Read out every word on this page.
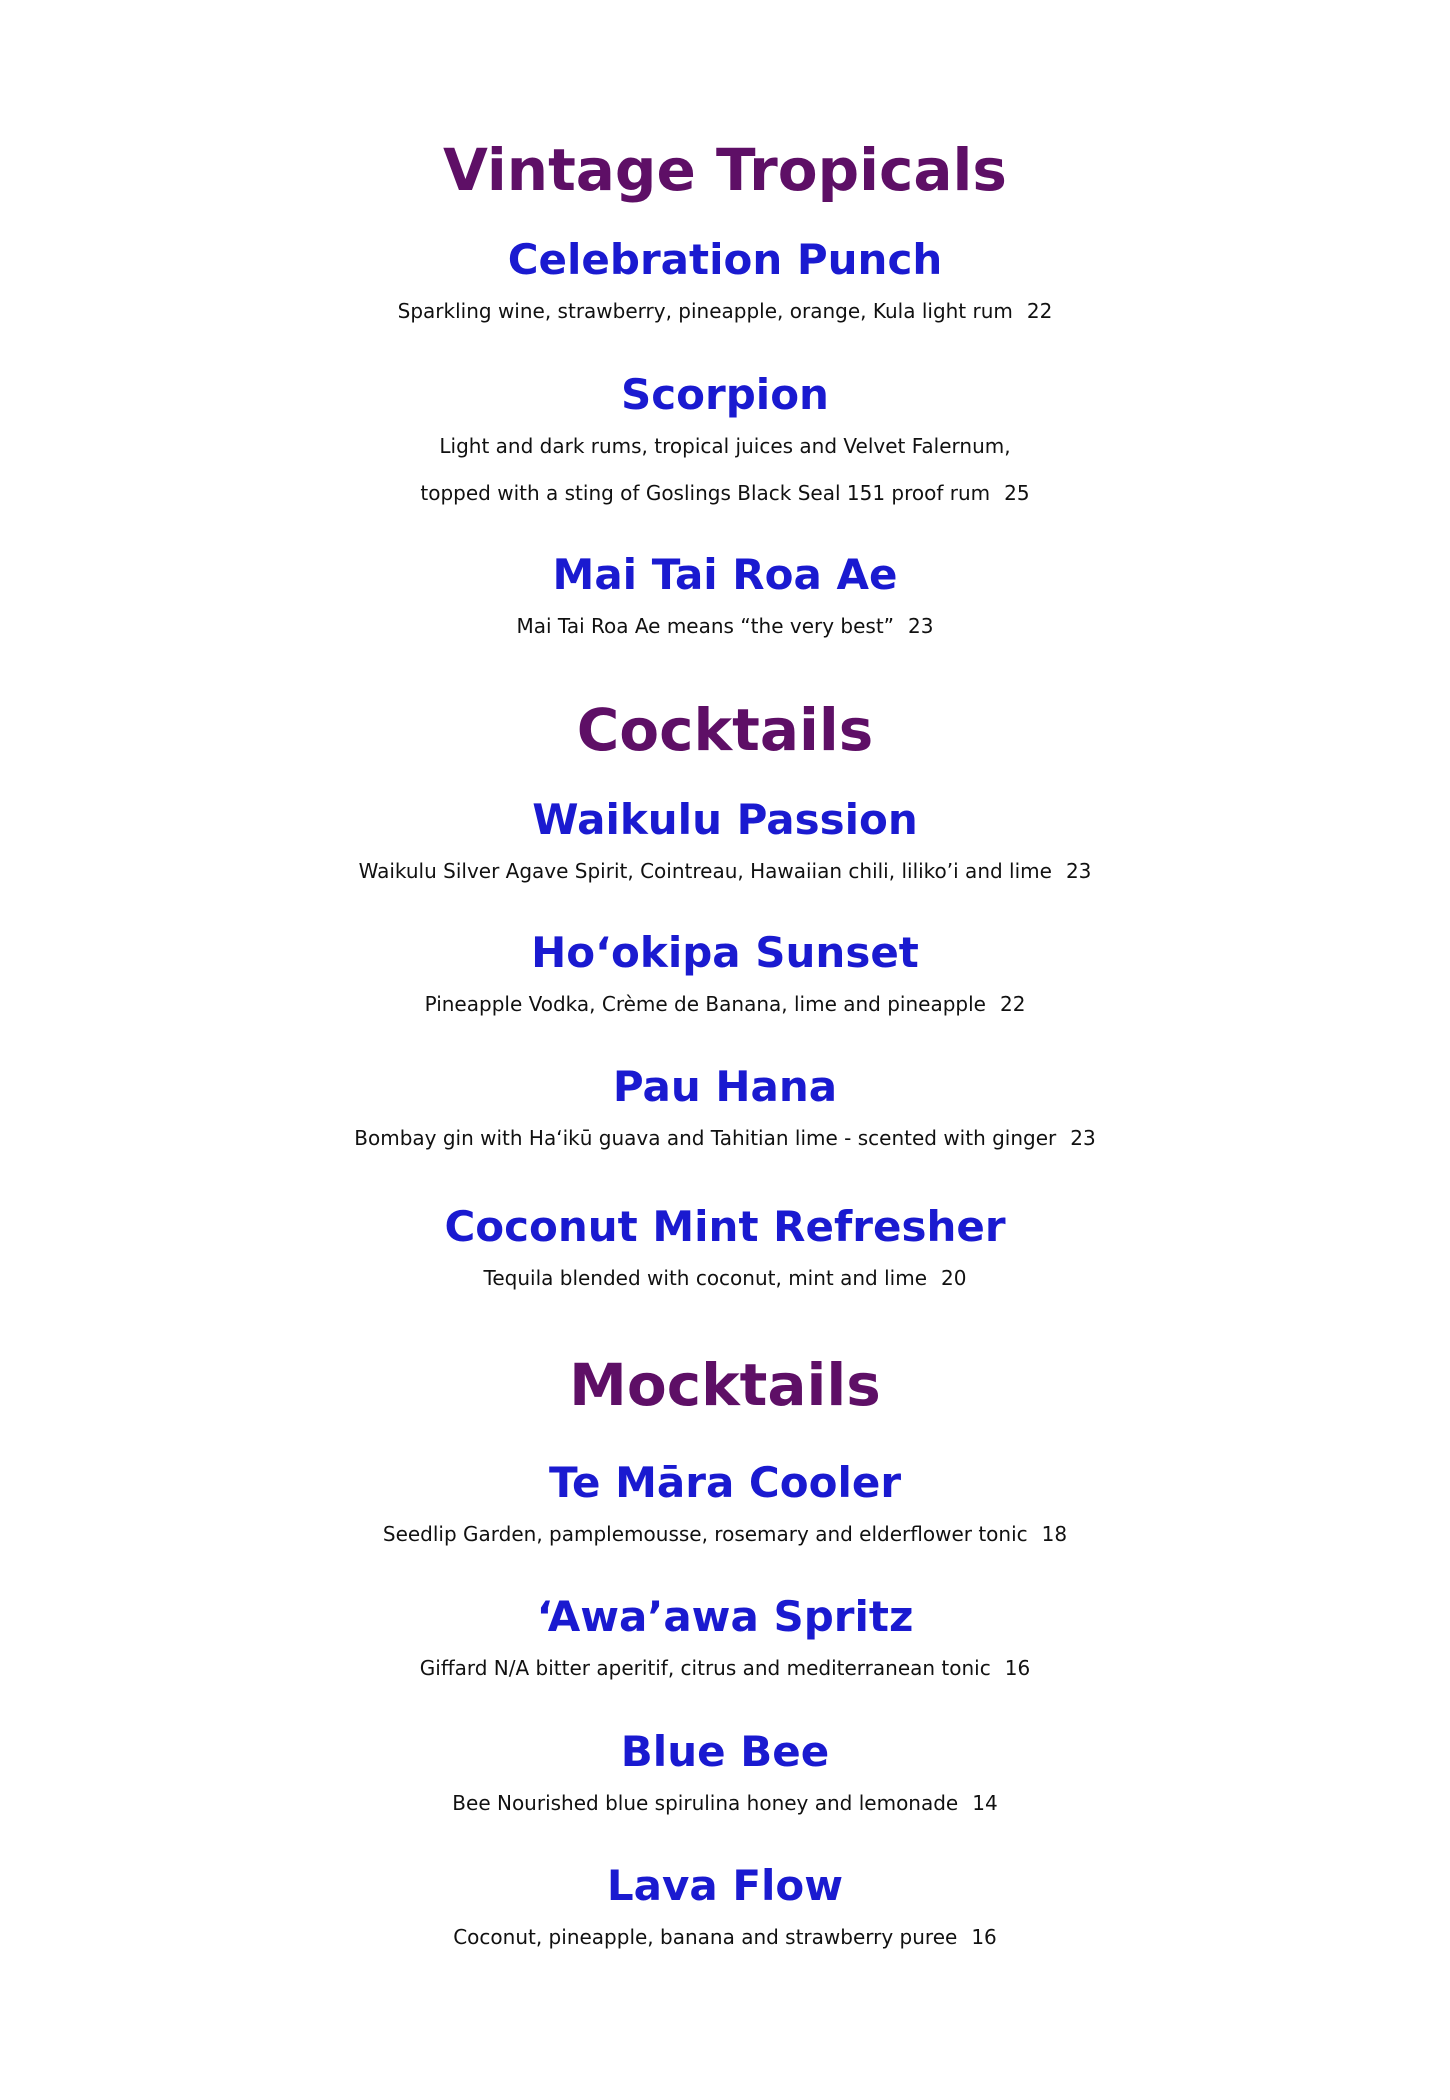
Vintage Tropicals
Celebration Punch

Sparkling wine, strawberry, pineapple, orange, Kula light rum 22

Scorpion

Light and dark rums, tropical juices and Velvet Falernum,

topped with a sting of Goslings Black Seal 151 proof rum 25

Mai Tai Roa Ae

Mai Tai Roa Ae means “the very best” 23

Cocktails
Waikulu Passion

Waikulu Silver Agave Spirit, Cointreau, Hawaiian chili, liliko’i and lime 23

Ho‘okipa Sunset

Pineapple Vodka, Crème de Banana, lime and pineapple 22

Pau Hana

Bombay gin with Ha‘ikū guava and Tahitian lime - scented with ginger 23

Coconut Mint Refresher

Tequila blended with coconut, mint and lime 20

Mocktails
Te Māra Cooler

Seedlip Garden, pamplemousse, rosemary and elderflower tonic 18

‘Awa’awa Spritz

Giffard N/A bitter aperitif, citrus and mediterranean tonic 16

Blue Bee

Bee Nourished blue spirulina honey and lemonade 14

Lava Flow

Coconut, pineapple, banana and strawberry puree 16
